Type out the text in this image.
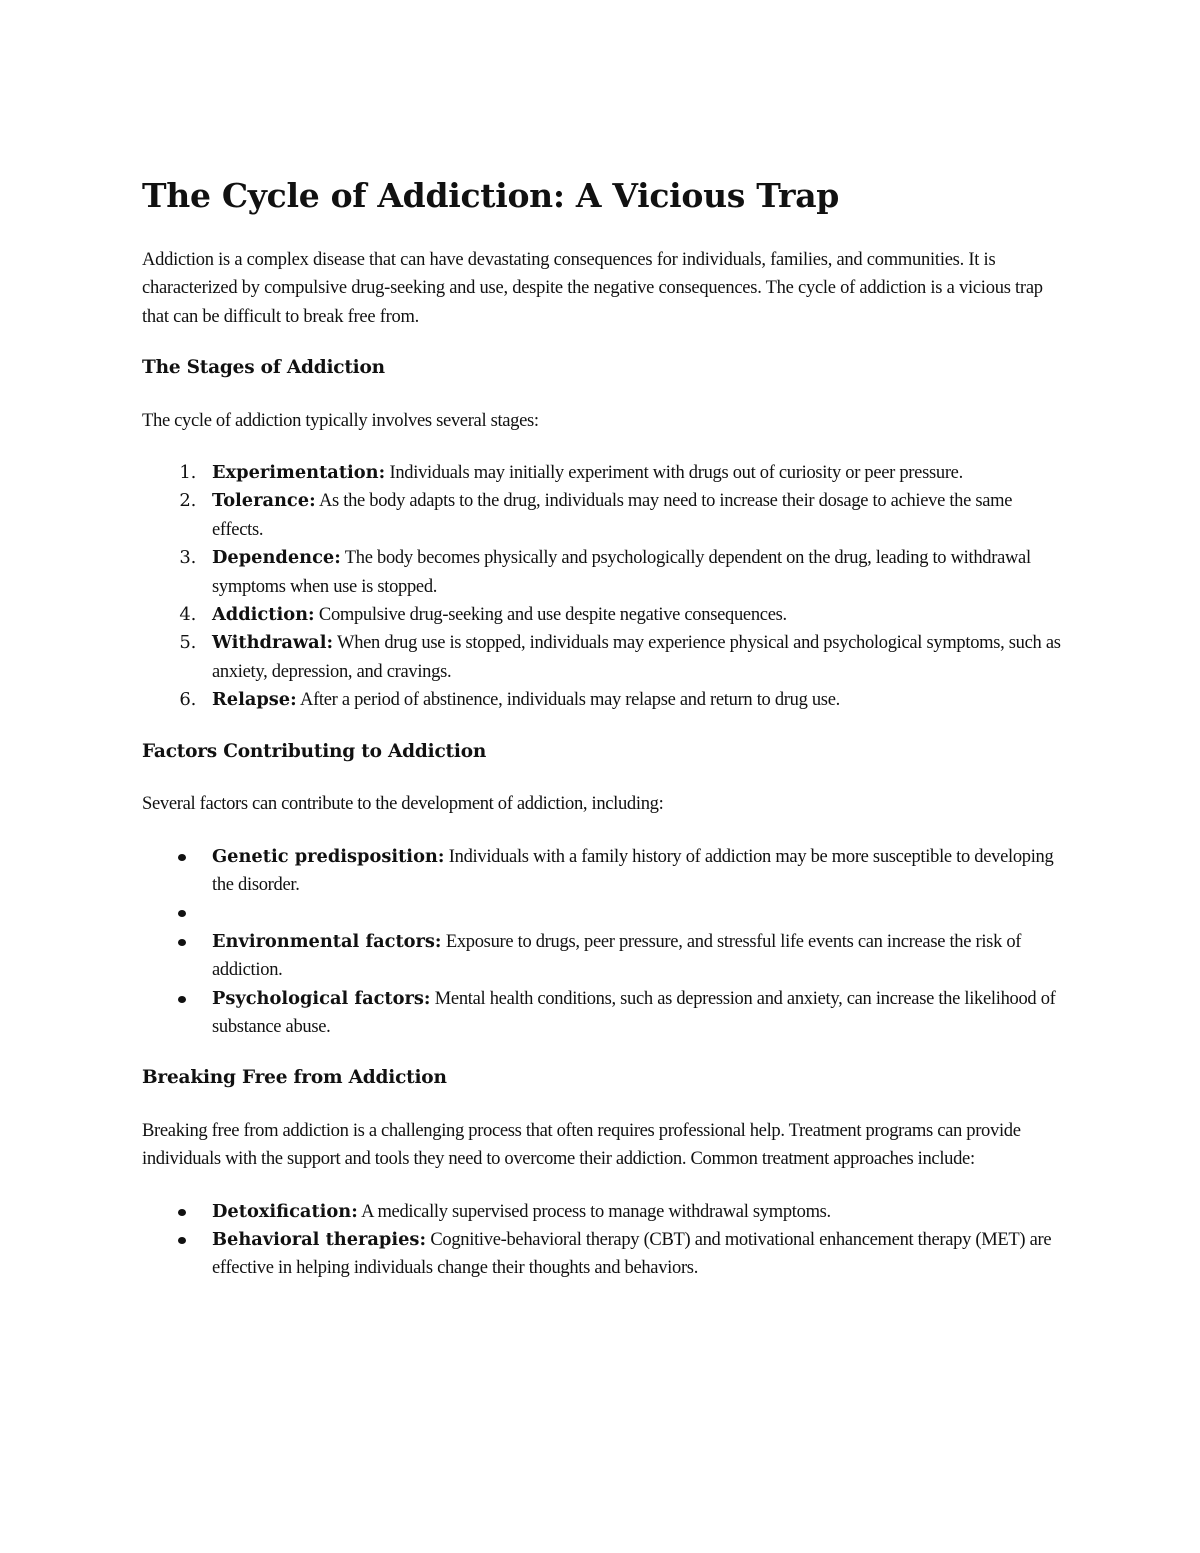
The Cycle of Addiction: A Vicious Trap

Addiction is a complex disease that can have devastating consequences for individuals, families, and communities. It is characterized by compulsive drug-seeking and use, despite the negative consequences. The cycle of addiction is a vicious trap that can be difficult to break free from.

The Stages of Addiction

The cycle of addiction typically involves several stages:

1. Experimentation: Individuals may initially experiment with drugs out of curiosity or peer pressure.
2. Tolerance: As the body adapts to the drug, individuals may need to increase their dosage to achieve the same effects.
3. Dependence: The body becomes physically and psychologically dependent on the drug, leading to withdrawal symptoms when use is stopped.
4. Addiction: Compulsive drug-seeking and use despite negative consequences.
5. Withdrawal: When drug use is stopped, individuals may experience physical and psychological symptoms, such as anxiety, depression, and cravings.
6. Relapse: After a period of abstinence, individuals may relapse and return to drug use.
Factors Contributing to Addiction

Several factors can contribute to the development of addiction, including:

Genetic predisposition: Individuals with a family history of addiction may be more susceptible to developing the disorder.
Environmental factors: Exposure to drugs, peer pressure, and stressful life events can increase the risk of addiction.
Psychological factors: Mental health conditions, such as depression and anxiety, can increase the likelihood of substance abuse.
Breaking Free from Addiction

Breaking free from addiction is a challenging process that often requires professional help. Treatment programs can provide individuals with the support and tools they need to overcome their addiction. Common treatment approaches include:

Detoxification: A medically supervised process to manage withdrawal symptoms.
Behavioral therapies: Cognitive-behavioral therapy (CBT) and motivational enhancement therapy (MET) are effective in helping individuals change their thoughts and behaviors.
